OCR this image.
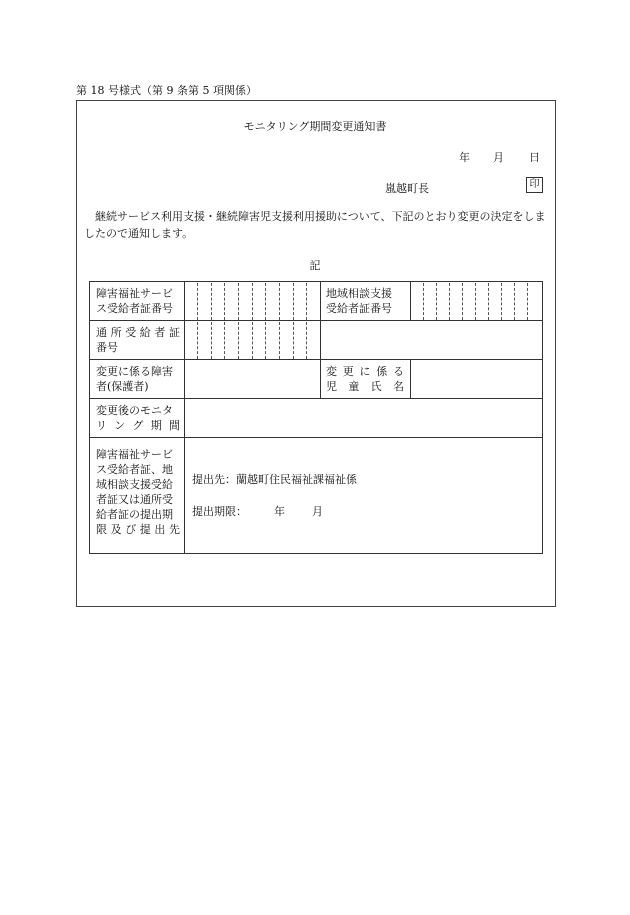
第 18 号様式（第 9 条第 5 項関係）
モニタリング期間変更通知書
年 月 日
嵐越町長	印
継続サービス利用支援・継続障害児支援利用援助について、下記のとおり変更の決定をしましたので通知します。
記
障害福祉サービ
ス受給者証番号
地域相談支援
受給者証番号
通所受給者証
番号
変更に係る障害
者(保護者)
変更に係る
児童氏名
変更後のモニタ
リング期間
障害福祉サービ
ス受給者証、地
域相談支援受給
者証又は通所受
給者証の提出期
限及び提出先
提出先：蘭越町住民福祉課福祉係
提出期限：	年 月
